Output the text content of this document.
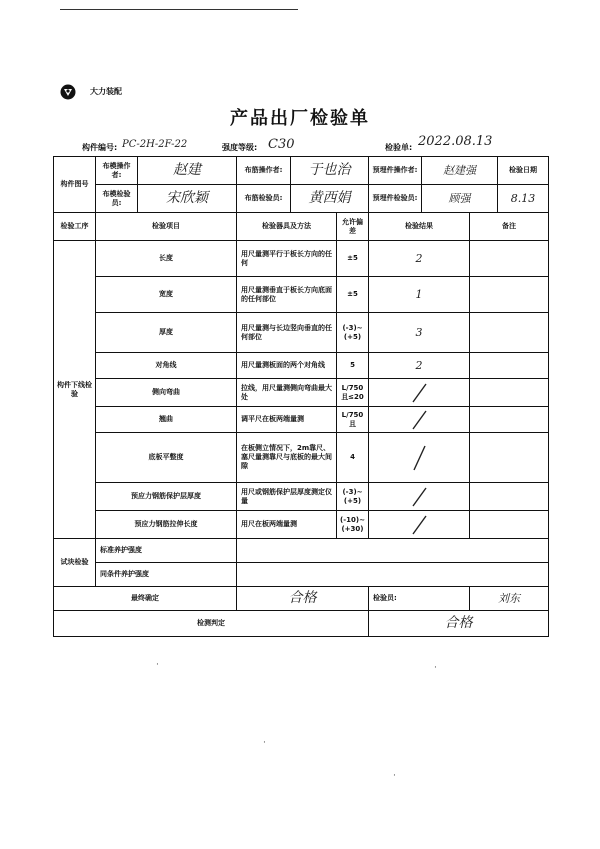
大力装配
产品出厂检验单
构件编号: PC-2H-2F-22	强度等级: C30	检验单: 2022.08.13
构件图号	布模操作者:	赵建	布筋操作者:	于也治		预埋件操作者:	赵建强		检验日期
	布模检验员:	宋欣颖	布筋检验员:	黄西娟		预埋件检验员:	顾强		8.13
检验工序	检验项目		检验器具及方法		允许偏差	检验结果		备注	
构件下线检验	长度		用尺量测平行于板长方向的任何		±5	2			
	宽度		用尺量测垂直于板长方向底面的任何部位		±5	1			
	厚度		用尺量测与长边竖向垂直的任何部位		(-3)~(+5)	3			
	对角线		用尺量测板面的两个对角线		5	2			
	侧向弯曲		拉线，用尺量测侧向弯曲最大处		L/750且≤20	

	翘曲		调平尺在板两端量测		L/750且	

	底板平整度		在板侧立情况下，2m靠尺、塞尺量测靠尺与底板的最大间隙		4	

	预应力钢筋保护层厚度		用尺或钢筋保护层厚度测定仪量		(-3)~(+5)	

	预应力钢筋拉伸长度		用尺在板两端量测		(-10)~(+30)	

试块检验	标准养护强度								
	同条件养护强度								
最终确定			合格			检验员:		刘东	
检测判定						合格			
·	·
·
·
